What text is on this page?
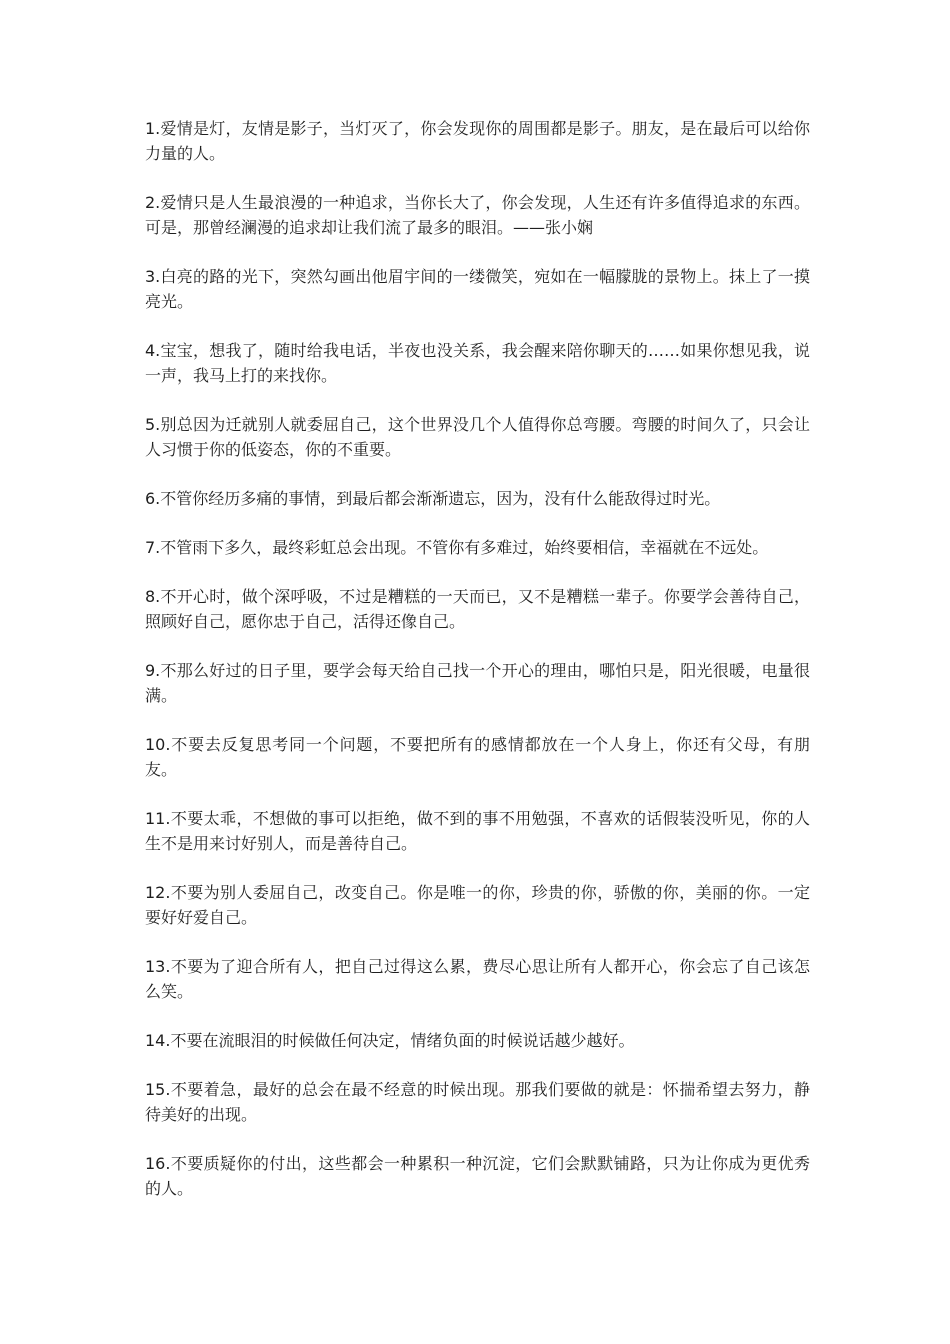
1.爱情是灯，友情是影子，当灯灭了，你会发现你的周围都是影子。朋友，是在最后可以给你力量的人。

2.爱情只是人生最浪漫的一种追求，当你长大了，你会发现，人生还有许多值得追求的东西。可是，那曾经澜漫的追求却让我们流了最多的眼泪。——张小娴

3.白亮的路的光下，突然勾画出他眉宇间的一缕微笑，宛如在一幅朦胧的景物上。抹上了一摸亮光。

4.宝宝，想我了，随时给我电话，半夜也没关系，我会醒来陪你聊天的……如果你想见我，说一声，我马上打的来找你。

5.别总因为迁就别人就委屈自己，这个世界没几个人值得你总弯腰。弯腰的时间久了，只会让人习惯于你的低姿态，你的不重要。

6.不管你经历多痛的事情，到最后都会渐渐遗忘，因为，没有什么能敌得过时光。

7.不管雨下多久，最终彩虹总会出现。不管你有多难过，始终要相信，幸福就在不远处。

8.不开心时，做个深呼吸，不过是糟糕的一天而已，又不是糟糕一辈子。你要学会善待自己，照顾好自己，愿你忠于自己，活得还像自己。

9.不那么好过的日子里，要学会每天给自己找一个开心的理由，哪怕只是，阳光很暖，电量很满。

10.不要去反复思考同一个问题，不要把所有的感情都放在一个人身上，你还有父母，有朋友。

11.不要太乖，不想做的事可以拒绝，做不到的事不用勉强，不喜欢的话假装没听见，你的人生不是用来讨好别人，而是善待自己。

12.不要为别人委屈自己，改变自己。你是唯一的你，珍贵的你，骄傲的你，美丽的你。一定要好好爱自己。

13.不要为了迎合所有人，把自己过得这么累，费尽心思让所有人都开心，你会忘了自己该怎么笑。

14.不要在流眼泪的时候做任何决定，情绪负面的时候说话越少越好。

15.不要着急，最好的总会在最不经意的时候出现。那我们要做的就是：怀揣希望去努力，静待美好的出现。

16.不要质疑你的付出，这些都会一种累积一种沉淀，它们会默默铺路，只为让你成为更优秀的人。
